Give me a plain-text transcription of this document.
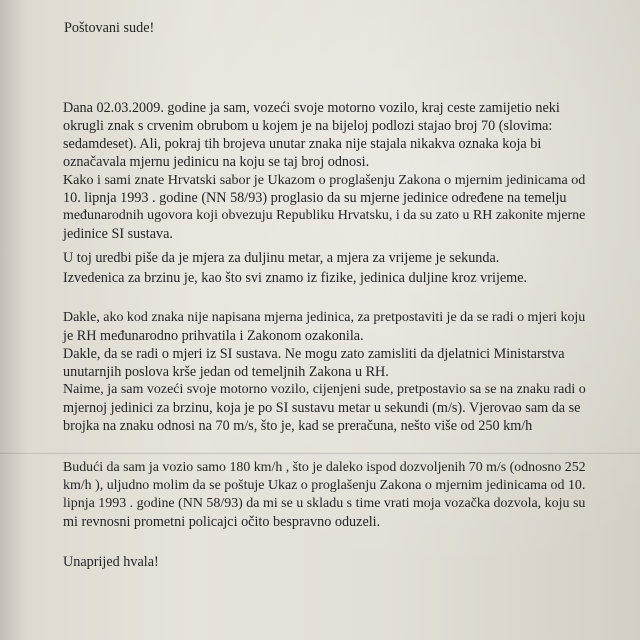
Poštovani sude!

Dana 02.03.2009. godine ja sam, vozeći svoje motorno vozilo, kraj ceste zamijetio neki

okrugli znak s crvenim obrubom u kojem je na bijeloj podlozi stajao broj 70 (slovima:

sedamdeset). Ali, pokraj tih brojeva unutar znaka nije stajala nikakva oznaka koja bi

označavala mjernu jedinicu na koju se taj broj odnosi.

Kako i sami znate Hrvatski sabor je Ukazom o proglašenju Zakona o mjernim jedinicama od

10. lipnja 1993 . godine (NN 58/93) proglasio da su mjerne jedinice određene na temelju

međunarodnih ugovora koji obvezuju Republiku Hrvatsku, i da su zato u RH zakonite mjerne

jedinice SI sustava.

U toj uredbi piše da je mjera za duljinu metar, a mjera za vrijeme je sekunda.

Izvedenica za brzinu je, kao što svi znamo iz fizike, jedinica duljine kroz vrijeme.

Dakle, ako kod znaka nije napisana mjerna jedinica, za pretpostaviti je da se radi o mjeri koju

je RH međunarodno prihvatila i Zakonom ozakonila.

Dakle, da se radi o mjeri iz SI sustava. Ne mogu zato zamisliti da djelatnici Ministarstva

unutarnjih poslova krše jedan od temeljnih Zakona u RH.

Naime, ja sam vozeći svoje motorno vozilo, cijenjeni sude, pretpostavio sa se na znaku radi o

mjernoj jedinici za brzinu, koja je po SI sustavu metar u sekundi (m/s). Vjerovao sam da se

brojka na znaku odnosi na 70 m/s, što je, kad se preračuna, nešto više od 250 km/h

Budući da sam ja vozio samo 180 km/h , što je daleko ispod dozvoljenih 70 m/s (odnosno 252

km/h ), uljudno molim da se poštuje Ukaz o proglašenju Zakona o mjernim jedinicama od 10.

lipnja 1993 . godine (NN 58/93) da mi se u skladu s time vrati moja vozačka dozvola, koju su

mi revnosni prometni policajci očito bespravno oduzeli.

Unaprijed hvala!
